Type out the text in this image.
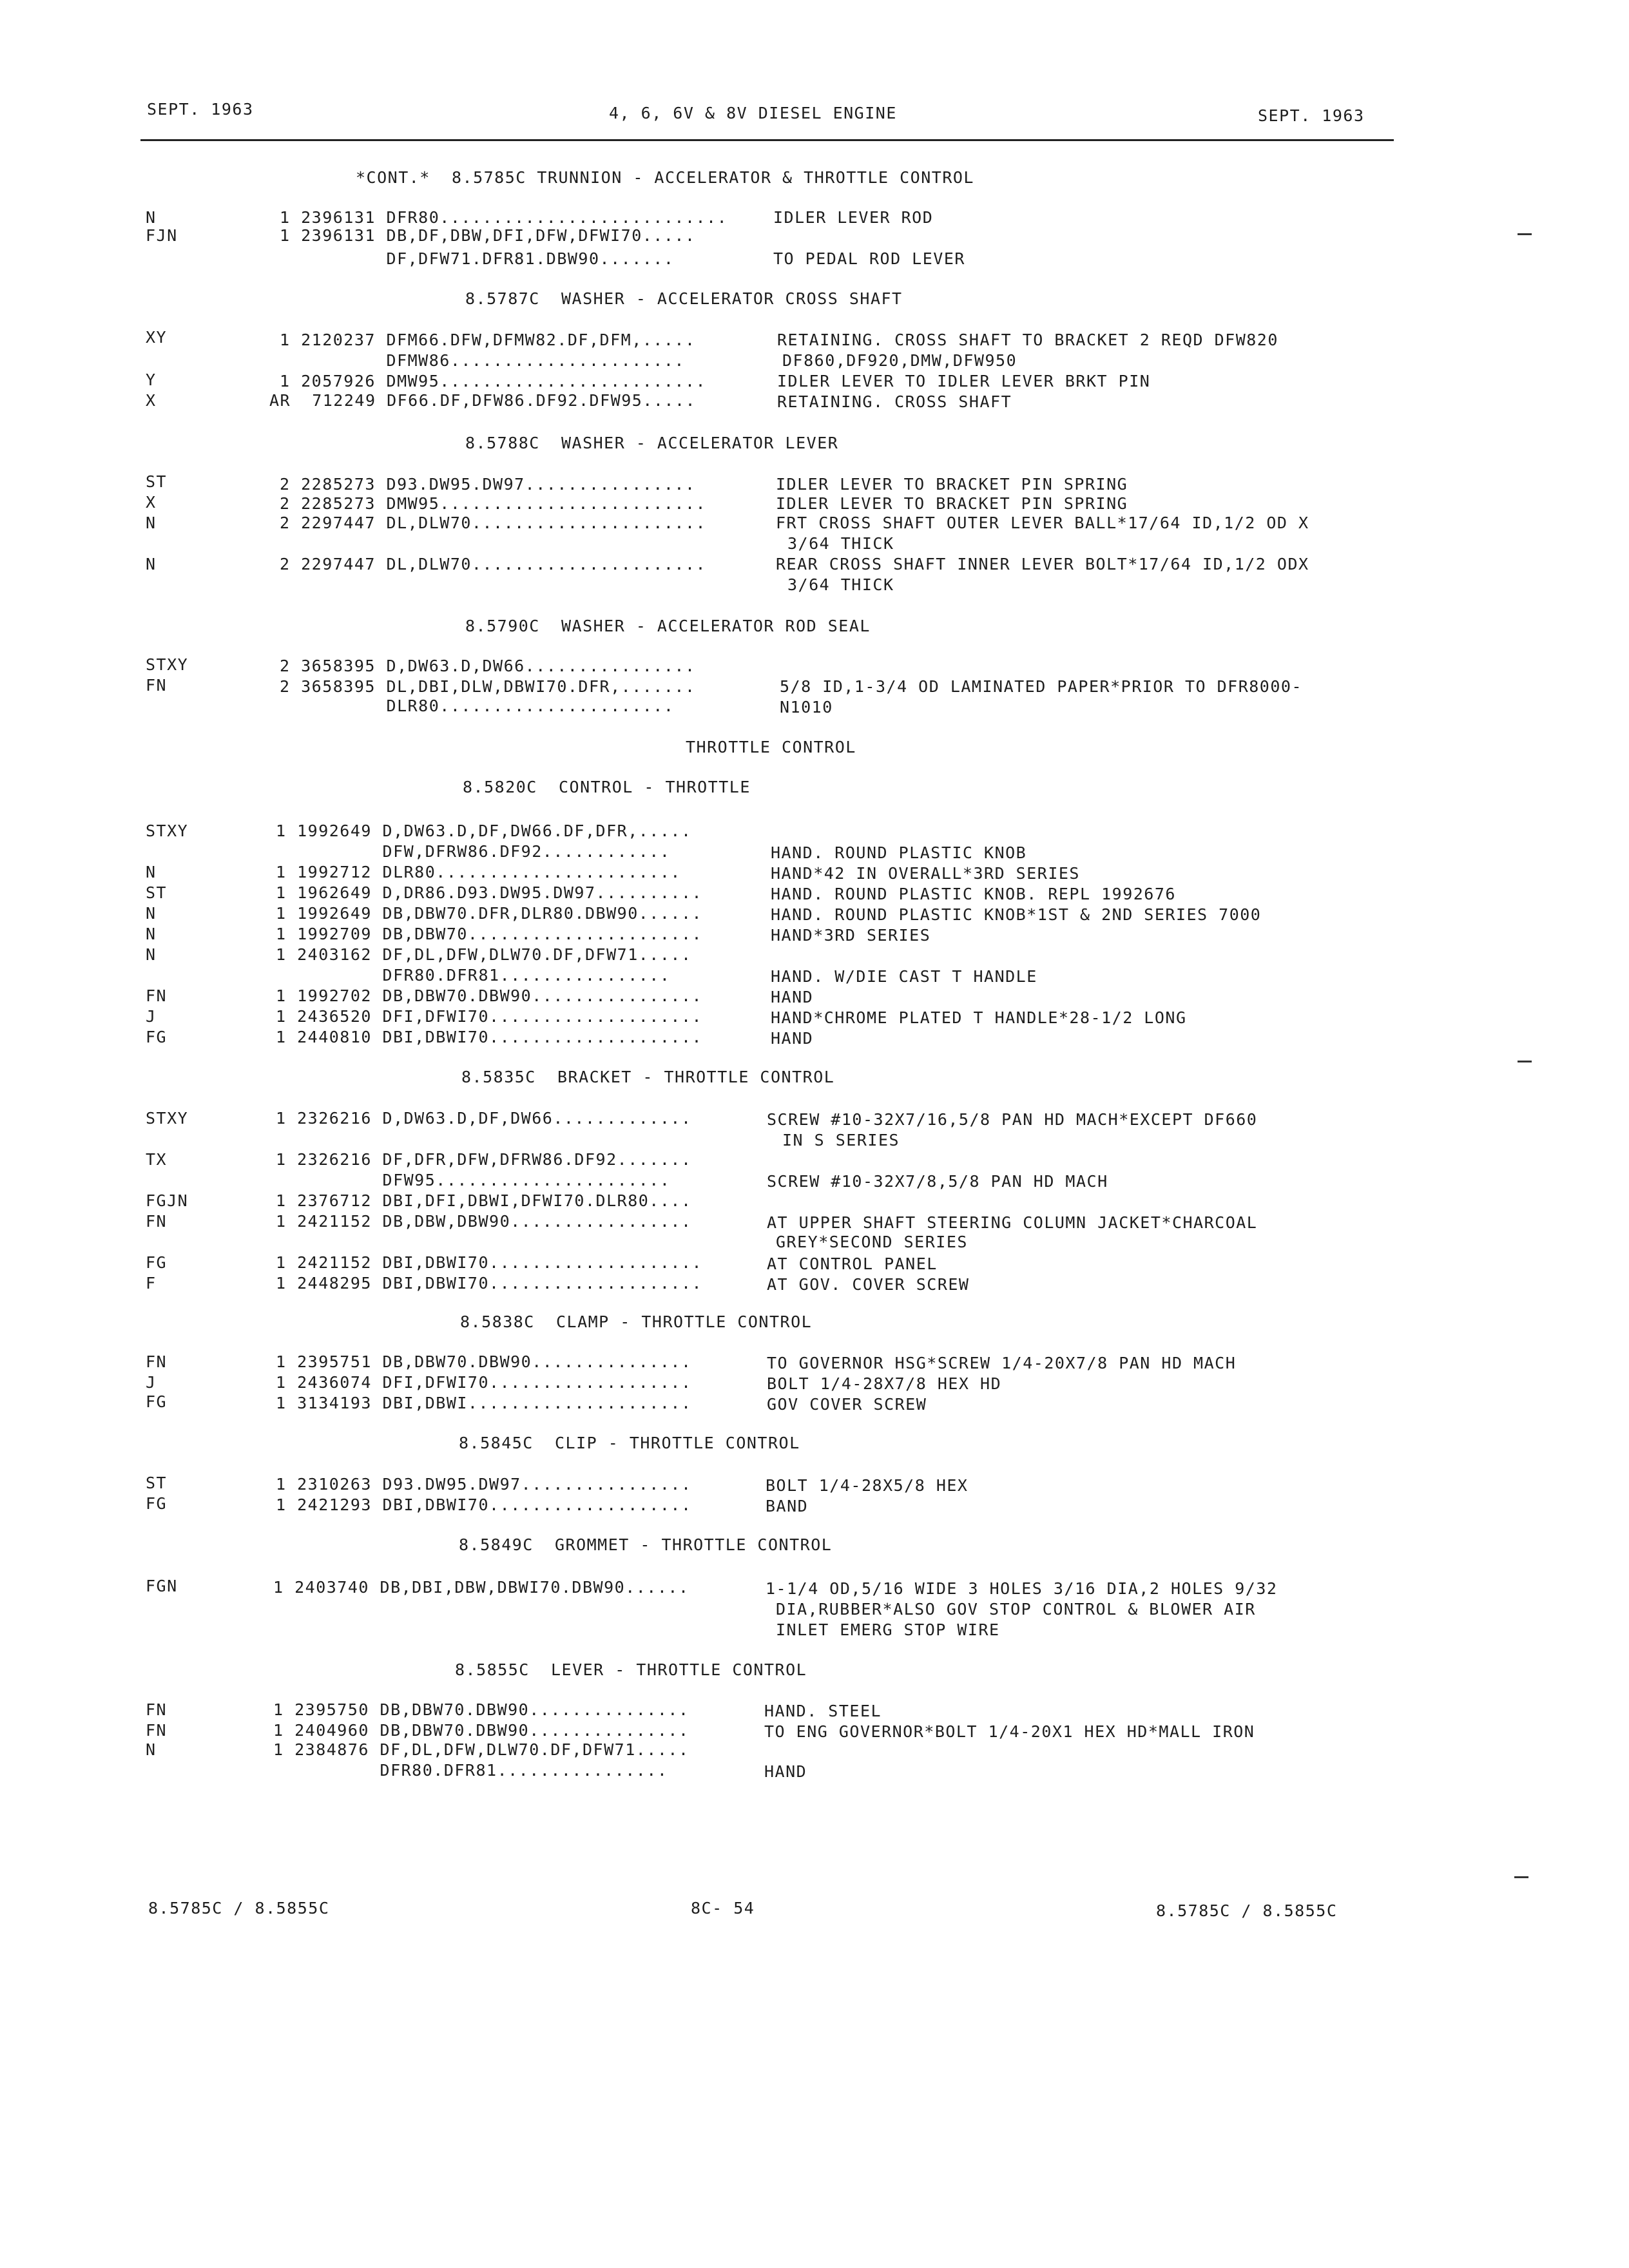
SEPT. 1963	4, 6, 6V & 8V DIESEL ENGINE	SEPT. 1963
*CONT.*  8.5785C TRUNNION - ACCELERATOR & THROTTLE CONTROL
N	1 2396131 DFR80...........................	IDLER LEVER ROD
FJN	1 2396131 DB,DF,DBW,DFI,DFW,DFWI70.....
DF,DFW71.DFR81.DBW90.......	TO PEDAL ROD LEVER
8.5787C  WASHER - ACCELERATOR CROSS SHAFT
XY	1 2120237 DFM66.DFW,DFMW82.DF,DFM,.....	RETAINING. CROSS SHAFT TO BRACKET 2 REQD DFW820
DFMW86......................	DF860,DF920,DMW,DFW950
Y	1 2057926 DMW95.........................	IDLER LEVER TO IDLER LEVER BRKT PIN
X	AR  712249 DF66.DF,DFW86.DF92.DFW95.....	RETAINING. CROSS SHAFT
8.5788C  WASHER - ACCELERATOR LEVER
ST	2 2285273 D93.DW95.DW97................	IDLER LEVER TO BRACKET PIN SPRING
X	2 2285273 DMW95.........................	IDLER LEVER TO BRACKET PIN SPRING
N	2 2297447 DL,DLW70......................	FRT CROSS SHAFT OUTER LEVER BALL*17/64 ID,1/2 OD X
3/64 THICK
N	2 2297447 DL,DLW70......................	REAR CROSS SHAFT INNER LEVER BOLT*17/64 ID,1/2 ODX
3/64 THICK
8.5790C  WASHER - ACCELERATOR ROD SEAL
STXY	2 3658395 D,DW63.D,DW66................
FN	2 3658395 DL,DBI,DLW,DBWI70.DFR,.......	5/8 ID,1-3/4 OD LAMINATED PAPER*PRIOR TO DFR8000-
DLR80......................	N1010
THROTTLE CONTROL
8.5820C  CONTROL - THROTTLE
STXY	1 1992649 D,DW63.D,DF,DW66.DF,DFR,.....
DFW,DFRW86.DF92............	HAND. ROUND PLASTIC KNOB
N	1 1992712 DLR80.......................	HAND*42 IN OVERALL*3RD SERIES
ST	1 1962649 D,DR86.D93.DW95.DW97..........	HAND. ROUND PLASTIC KNOB. REPL 1992676
N	1 1992649 DB,DBW70.DFR,DLR80.DBW90......	HAND. ROUND PLASTIC KNOB*1ST & 2ND SERIES 7000
N	1 1992709 DB,DBW70......................	HAND*3RD SERIES
N	1 2403162 DF,DL,DFW,DLW70.DF,DFW71.....
DFR80.DFR81................	HAND. W/DIE CAST T HANDLE
FN	1 1992702 DB,DBW70.DBW90................	HAND
J	1 2436520 DFI,DFWI70....................	HAND*CHROME PLATED T HANDLE*28-1/2 LONG
FG	1 2440810 DBI,DBWI70....................	HAND
8.5835C  BRACKET - THROTTLE CONTROL
STXY	1 2326216 D,DW63.D,DF,DW66.............	SCREW #10-32X7/16,5/8 PAN HD MACH*EXCEPT DF660
IN S SERIES
TX	1 2326216 DF,DFR,DFW,DFRW86.DF92.......
DFW95......................	SCREW #10-32X7/8,5/8 PAN HD MACH
FGJN	1 2376712 DBI,DFI,DBWI,DFWI70.DLR80....
FN	1 2421152 DB,DBW,DBW90.................	AT UPPER SHAFT STEERING COLUMN JACKET*CHARCOAL
GREY*SECOND SERIES
FG	1 2421152 DBI,DBWI70....................	AT CONTROL PANEL
F	1 2448295 DBI,DBWI70....................	AT GOV. COVER SCREW
8.5838C  CLAMP - THROTTLE CONTROL
FN	1 2395751 DB,DBW70.DBW90...............	TO GOVERNOR HSG*SCREW 1/4-20X7/8 PAN HD MACH
J	1 2436074 DFI,DFWI70...................	BOLT 1/4-28X7/8 HEX HD
FG	1 3134193 DBI,DBWI.....................	GOV COVER SCREW
8.5845C  CLIP - THROTTLE CONTROL
ST	1 2310263 D93.DW95.DW97................	BOLT 1/4-28X5/8 HEX
FG	1 2421293 DBI,DBWI70...................	BAND
8.5849C  GROMMET - THROTTLE CONTROL
FGN	1 2403740 DB,DBI,DBW,DBWI70.DBW90......	1-1/4 OD,5/16 WIDE 3 HOLES 3/16 DIA,2 HOLES 9/32
DIA,RUBBER*ALSO GOV STOP CONTROL & BLOWER AIR
INLET EMERG STOP WIRE
8.5855C  LEVER - THROTTLE CONTROL
FN	1 2395750 DB,DBW70.DBW90...............	HAND. STEEL
FN	1 2404960 DB,DBW70.DBW90...............	TO ENG GOVERNOR*BOLT 1/4-20X1 HEX HD*MALL IRON
N	1 2384876 DF,DL,DFW,DLW70.DF,DFW71.....
DFR80.DFR81................	HAND
8.5785C / 8.5855C	8C- 54	8.5785C / 8.5855C
